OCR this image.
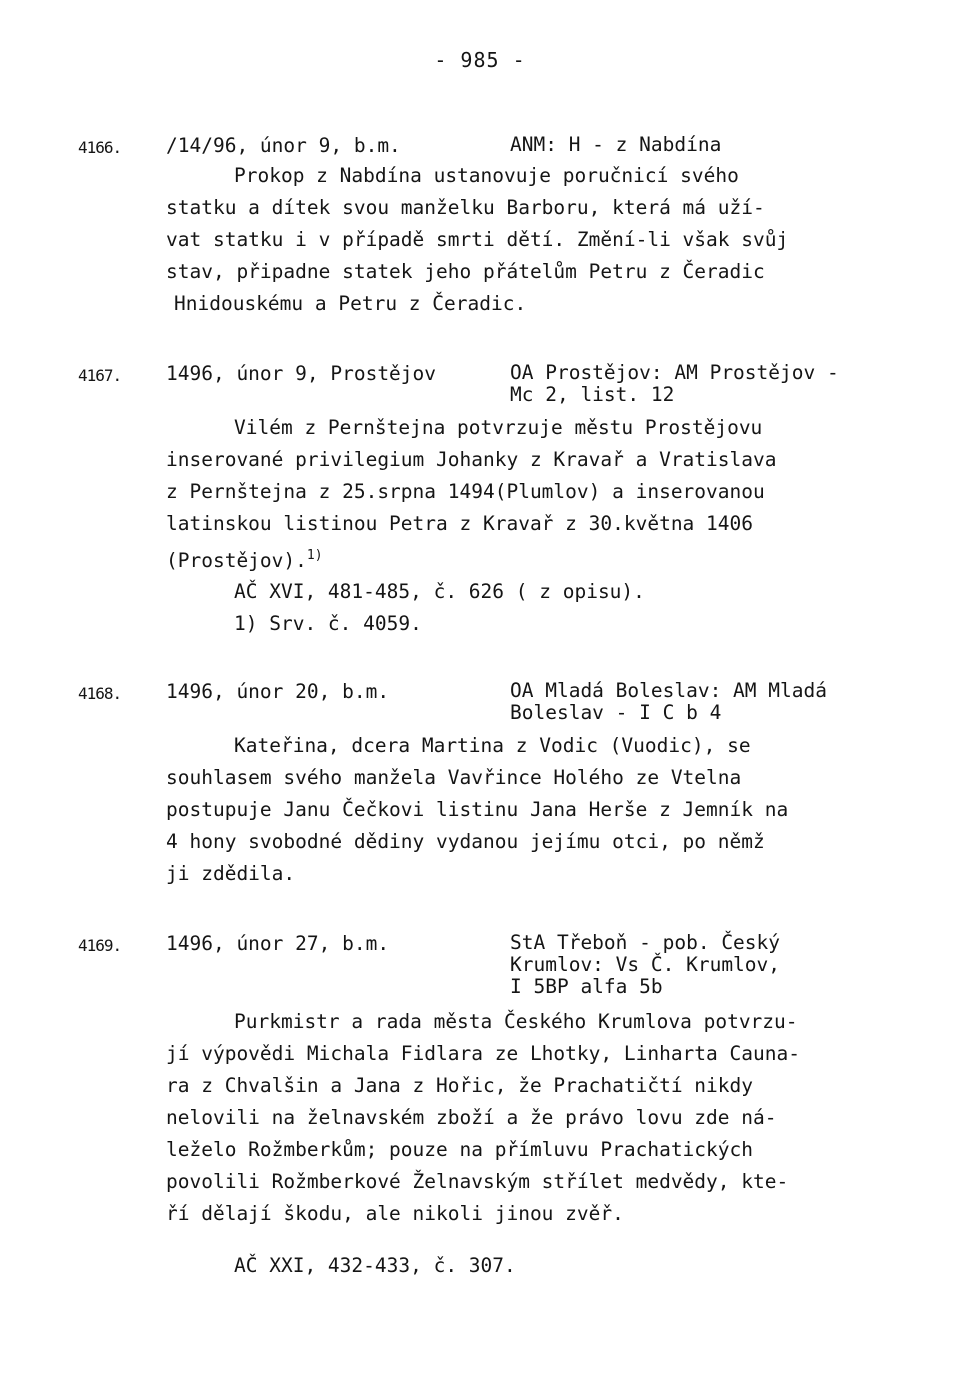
- 985 -
4166. /14/96, únor 9, b.m.	ANM: H - z Nabdína
Prokop z Nabdína ustanovuje poručnicí svého
statku a dítek svou manželku Barboru, která má uží-
vat statku i v případě smrti dětí. Změní-li však svůj
stav, připadne statek jeho přátelům Petru z Čeradic
Hnidouskému a Petru z Čeradic.
4167. 1496, únor 9, Prostějov	OA Prostějov: AM Prostějov -
Mc 2, list. 12
Vilém z Pernštejna potvrzuje městu Prostějovu
inserované privilegium Johanky z Kravař a Vratislava
z Pernštejna z 25.srpna 1494(Plumlov) a inserovanou
latinskou listinou Petra z Kravař z 30.května 1406
(Prostějov).$^{1)}$
AČ XVI, 481-485, č. 626 ( z opisu).
1) Srv. č. 4059.
4168. 1496, únor 20, b.m.	OA Mladá Boleslav: AM Mladá
Boleslav - I C b 4
Kateřina, dcera Martina z Vodic (Vuodic), se
souhlasem svého manžela Vavřince Holého ze Vtelna
postupuje Janu Čečkovi listinu Jana Herše z Jemník na
4 hony svobodné dědiny vydanou jejímu otci, po němž
ji zdědila.
4169. 1496, únor 27, b.m.	StA Třeboň - pob. Český
Krumlov: Vs Č. Krumlov,
I 5BP alfa 5b
Purkmistr a rada města Českého Krumlova potvrzu-
jí výpovědi Michala Fidlara ze Lhotky, Linharta Cauna-
ra z Chvalšin a Jana z Hořic, že Prachatičtí nikdy
nelovili na želnavském zboží a že právo lovu zde ná-
leželo Rožmberkům; pouze na přímluvu Prachatických
povolili Rožmberkové Želnavským střílet medvědy, kte-
ří dělají škodu, ale nikoli jinou zvěř.
AČ XXI, 432-433, č. 307.
